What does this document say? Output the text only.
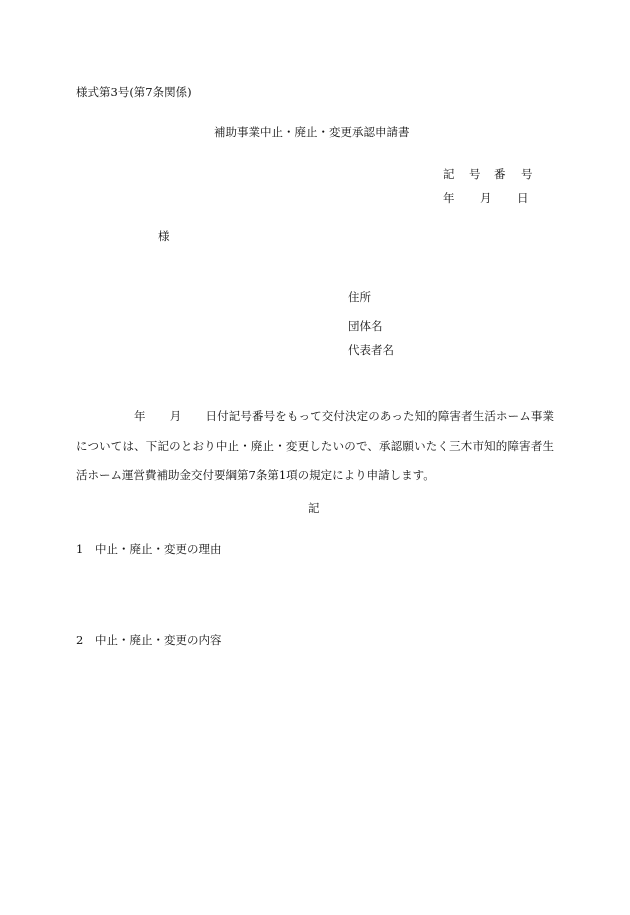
様式第3号(第7条関係)
補助事業中止・廃止・変更承認申請書
記 号 番 号
年 月 日
様
住所
団体名
代表者名
年 月 日付記号番号をもって交付決定のあった知的障害者生活ホーム事業については、下記のとおり中止・廃止・変更したいので、承認願いたく三木市知的障害者生活ホーム運営費補助金交付要綱第7条第1項の規定により申請します。
記
1 中止・廃止・変更の理由
2 中止・廃止・変更の内容
